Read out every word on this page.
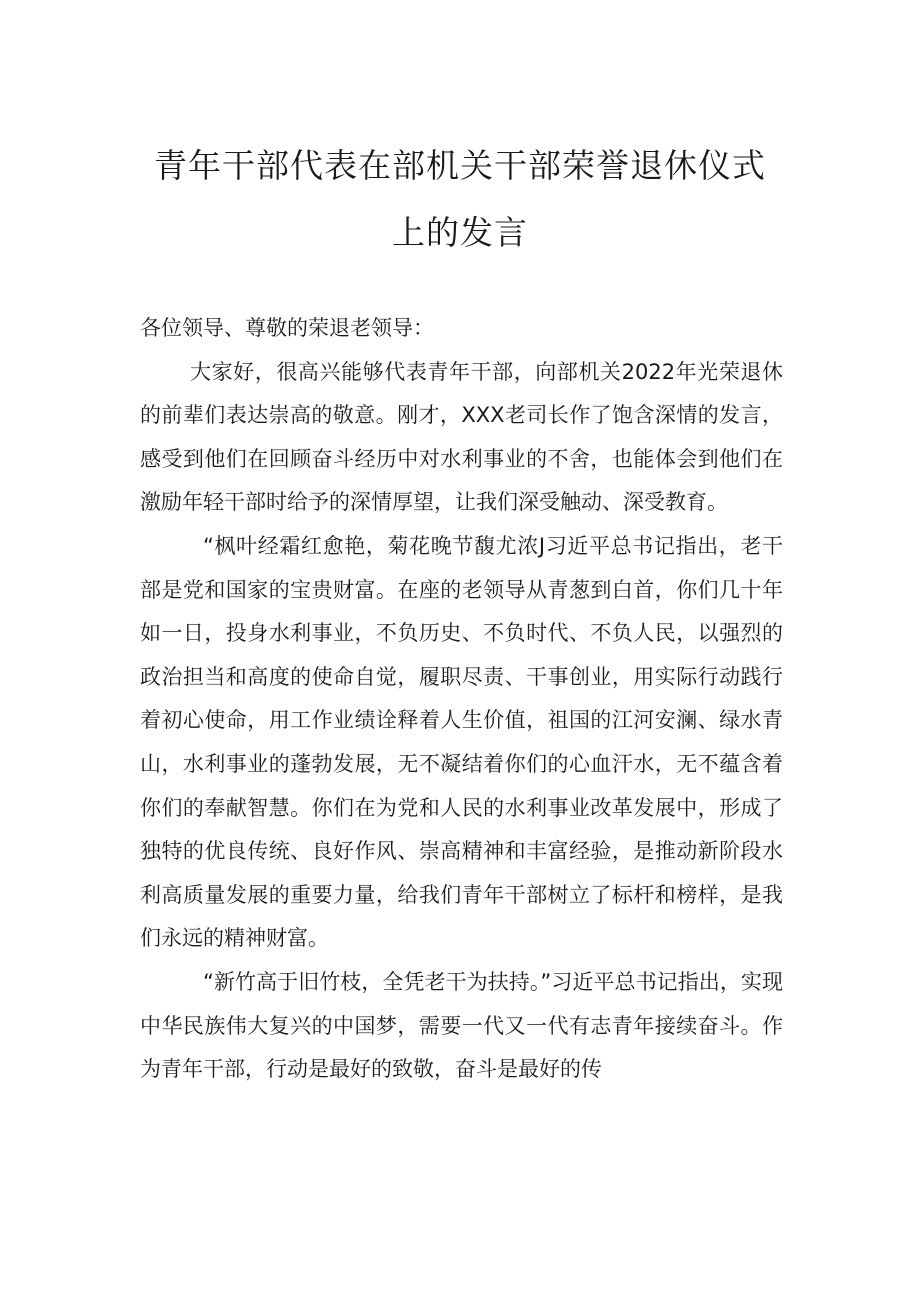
青年干部代表在部机关干部荣誉退休仪式
上的发言

各位领导、尊敬的荣退老领导：

大家好，很高兴能够代表青年干部，向部机关2022年光荣退休的前辈们表达崇高的敬意。刚才，XXX老司长作了饱含深情的发言，感受到他们在回顾奋斗经历中对水利事业的不舍，也能体会到他们在激励年轻干部时给予的深情厚望，让我们深受触动、深受教育。

“枫叶经霜红愈艳，菊花晚节馥尤浓J习近平总书记指出，老干部是党和国家的宝贵财富。在座的老领导从青葱到白首，你们几十年如一日，投身水利事业，不负历史、不负时代、不负人民，以强烈的政治担当和高度的使命自觉，履职尽责、干事创业，用实际行动践行着初心使命，用工作业绩诠释着人生价值，祖国的江河安澜、绿水青山，水利事业的蓬勃发展，无不凝结着你们的心血汗水，无不蕴含着你们的奉献智慧。你们在为党和人民的水利事业改革发展中，形成了独特的优良传统、良好作风、崇高精神和丰富经验，是推动新阶段水利高质量发展的重要力量，给我们青年干部树立了标杆和榜样，是我们永远的精神财富。

“新竹高于旧竹枝，全凭老干为扶持。”习近平总书记指出，实现中华民族伟大复兴的中国梦，需要一代又一代有志青年接续奋斗。作为青年干部，行动是最好的致敬，奋斗是最好的传
